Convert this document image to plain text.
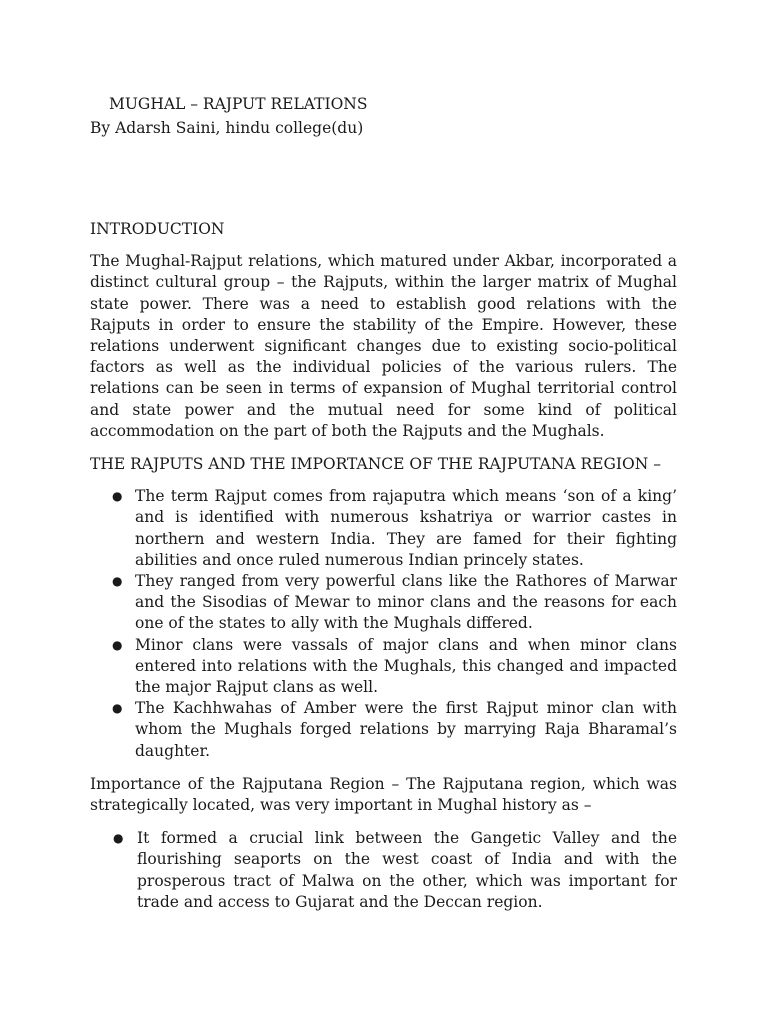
MUGHAL – RAJPUT RELATIONS

By Adarsh Saini, hindu college(du)

INTRODUCTION

The Mughal-Rajput relations, which matured under Akbar, incorporated a distinct cultural group – the Rajputs, within the larger matrix of Mughal state power. There was a need to establish good relations with the Rajputs in order to ensure the stability of the Empire. However, these relations underwent significant changes due to existing socio-political factors as well as the individual policies of the various rulers. The relations can be seen in terms of expansion of Mughal territorial control and state power and the mutual need for some kind of political accommodation on the part of both the Rajputs and the Mughals.

THE RAJPUTS AND THE IMPORTANCE OF THE RAJPUTANA REGION –
● The term Rajput comes from rajaputra which means ‘son of a king’ and is identified with numerous kshatriya or warrior castes in northern and western India. They are famed for their fighting abilities and once ruled numerous Indian princely states.
● They ranged from very powerful clans like the Rathores of Marwar and the Sisodias of Mewar to minor clans and the reasons for each one of the states to ally with the Mughals differed.
● Minor clans were vassals of major clans and when minor clans entered into relations with the Mughals, this changed and impacted the major Rajput clans as well.
● The Kachhwahas of Amber were the first Rajput minor clan with whom the Mughals forged relations by marrying Raja Bharamal’s daughter.

Importance of the Rajputana Region – The Rajputana region, which was strategically located, was very important in Mughal history as –

● It formed a crucial link between the Gangetic Valley and the flourishing seaports on the west coast of India and with the prosperous tract of Malwa on the other, which was important for trade and access to Gujarat and the Deccan region.
